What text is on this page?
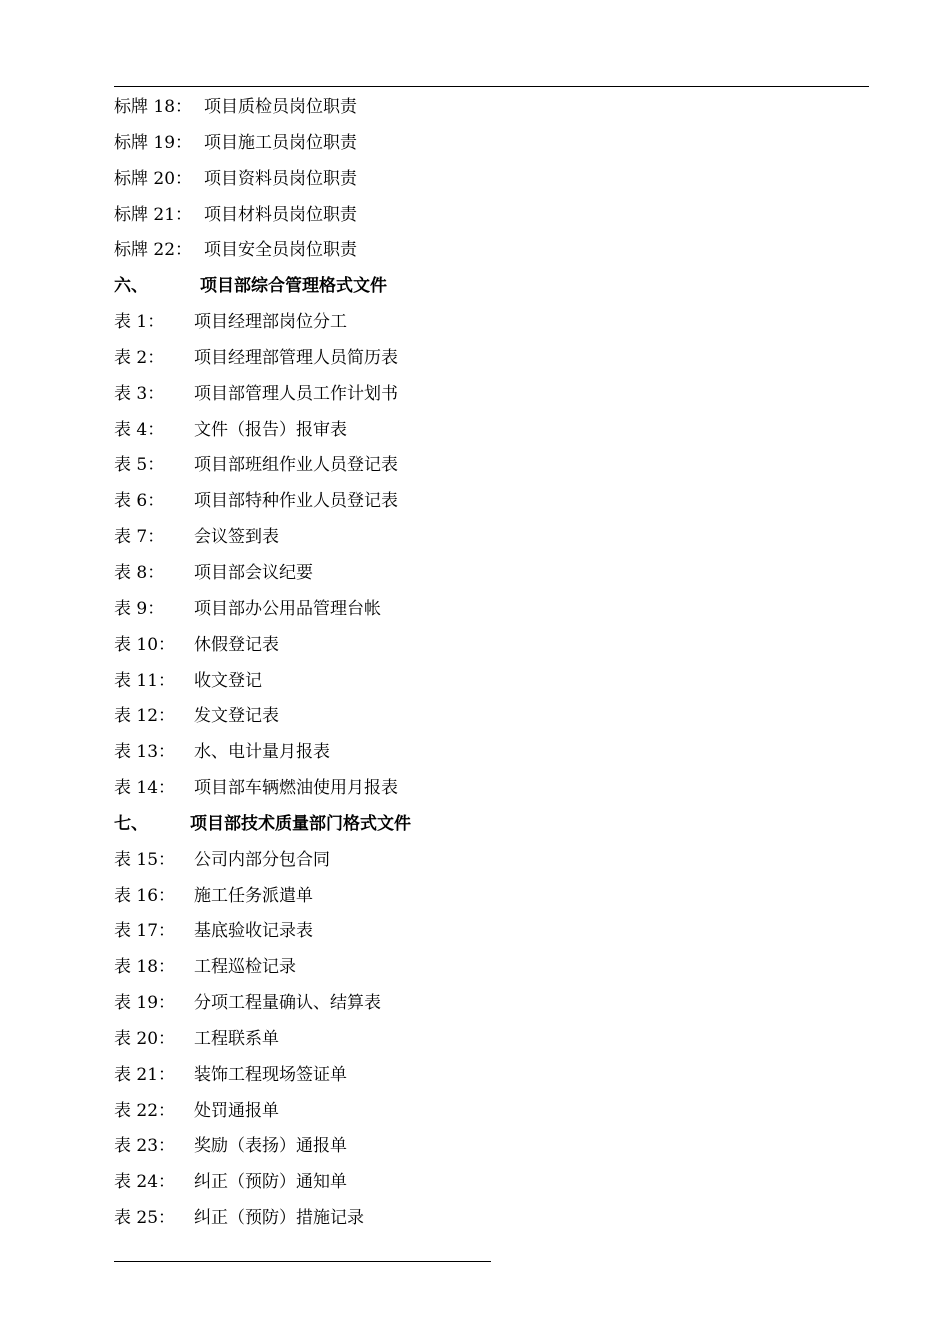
标牌 18： 项目质检员岗位职责
标牌 19： 项目施工员岗位职责
标牌 20： 项目资料员岗位职责
标牌 21： 项目材料员岗位职责
标牌 22： 项目安全员岗位职责
六、	项目部综合管理格式文件
表 1： 项目经理部岗位分工
表 2： 项目经理部管理人员简历表
表 3： 项目部管理人员工作计划书
表 4： 文件（报告）报审表
表 5： 项目部班组作业人员登记表
表 6： 项目部特种作业人员登记表
表 7： 会议签到表
表 8： 项目部会议纪要
表 9： 项目部办公用品管理台帐
表 10： 休假登记表
表 11： 收文登记
表 12： 发文登记表
表 13： 水、电计量月报表
表 14： 项目部车辆燃油使用月报表
七、 项目部技术质量部门格式文件
表 15： 公司内部分包合同
表 16： 施工任务派遣单
表 17： 基底验收记录表
表 18： 工程巡检记录
表 19： 分项工程量确认、结算表
表 20： 工程联系单
表 21： 装饰工程现场签证单
表 22： 处罚通报单
表 23： 奖励（表扬）通报单
表 24： 纠正（预防）通知单
表 25： 纠正（预防）措施记录
